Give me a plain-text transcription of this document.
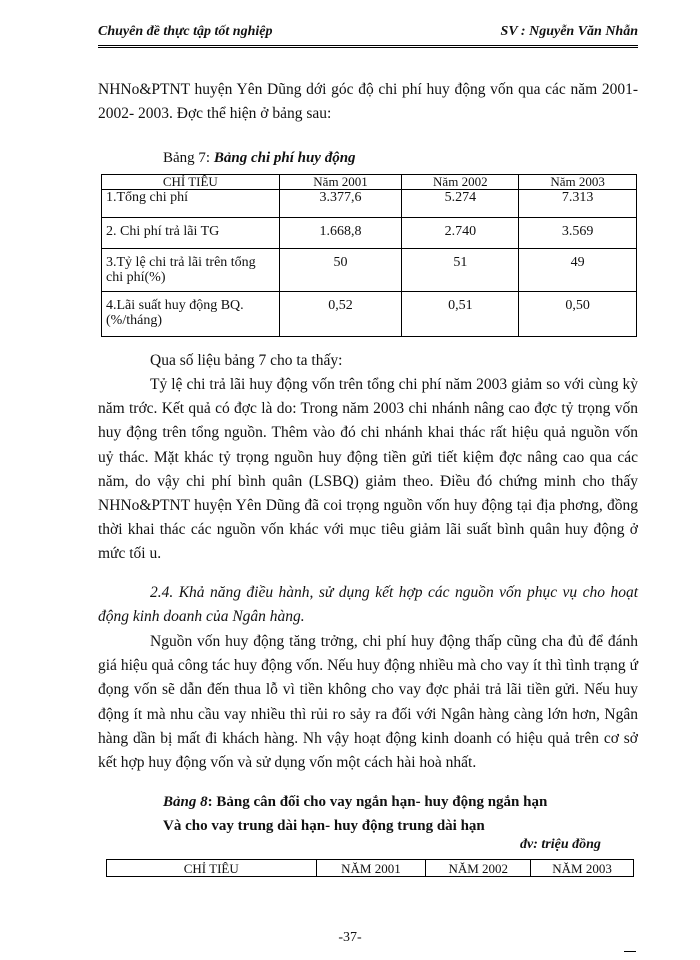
Chuyên đề thực tập tốt nghiệp	SV : Nguyễn Văn Nhẫn
NHNo&PTNT huyện Yên Dũng dới góc độ chi phí huy động vốn qua các năm 2001- 2002- 2003. Đợc thể hiện ở bảng sau:
Bảng 7: Bảng chi phí huy động
CHỈ TIÊU	Năm 2001	Năm 2002	Năm 2003
1.Tổng chi phí	3.377,6	5.274	7.313
2. Chi phí trả lãi TG	1.668,8	2.740	3.569
3.Tỷ lệ chi trả lãi trên tổng chi phí(%)	50	51	49
4.Lãi suất huy động BQ.(%/tháng)	0,52	0,51	0,50
Qua số liệu bảng 7 cho ta thấy:
Tỷ lệ chi trả lãi huy động vốn trên tổng chi phí năm 2003 giảm so với cùng kỳ năm trớc. Kết quả có đợc là do: Trong năm 2003 chi nhánh nâng cao đợc tỷ trọng vốn huy động trên tổng nguồn. Thêm vào đó chi nhánh khai thác rất hiệu quả nguồn vốn uỷ thác. Mặt khác tỷ trọng nguồn huy động tiền gửi tiết kiệm đợc nâng cao qua các năm, do vậy chi phí bình quân (LSBQ) giảm theo. Điều đó chứng minh cho thấy NHNo&PTNT huyện Yên Dũng đã coi trọng nguồn vốn huy động tại địa phơng, đồng thời khai thác các nguồn vốn khác với mục tiêu giảm lãi suất bình quân huy động ở mức tối u.
2.4. Khả năng điều hành, sử dụng kết hợp các nguồn vốn phục vụ cho hoạt động kinh doanh của Ngân hàng.
Nguồn vốn huy động tăng trởng, chi phí huy động thấp cũng cha đủ để đánh giá hiệu quả công tác huy động vốn. Nếu huy động nhiều mà cho vay ít thì tình trạng ứ đọng vốn sẽ dẫn đến thua lỗ vì tiền không cho vay đợc phải trả lãi tiền gửi. Nếu huy động ít mà nhu cầu vay nhiều thì rủi ro sảy ra đối với Ngân hàng càng lớn hơn, Ngân hàng dần bị mất đi khách hàng. Nh vậy hoạt động kinh doanh có hiệu quả trên cơ sở kết hợp huy động vốn và sử dụng vốn một cách hài hoà nhất.
Bảng 8: Bảng cân đối cho vay ngắn hạn- huy động ngắn hạn
Và cho vay trung dài hạn- huy động trung dài hạn
đv: triệu đồng
CHỈ TIÊU	NĂM 2001	NĂM 2002	NĂM 2003
-37-
